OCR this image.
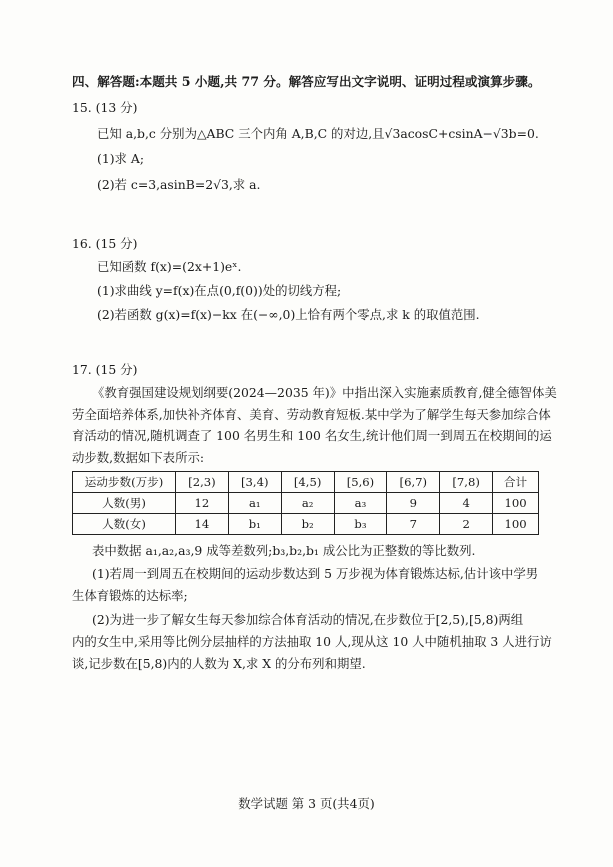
四、解答题:本题共 5 小题,共 77 分。解答应写出文字说明、证明过程或演算步骤。
15. (13 分)
已知 a,b,c 分别为△ABC 三个内角 A,B,C 的对边,且√3acosC+csinA−√3b=0.
(1)求 A;
(2)若 c=3,asinB=2√3,求 a.
16. (15 分)
已知函数 f(x)=(2x+1)eˣ.
(1)求曲线 y=f(x)在点(0,f(0))处的切线方程;
(2)若函数 g(x)=f(x)−kx 在(−∞,0)上恰有两个零点,求 k 的取值范围.
17. (15 分)
《教育强国建设规划纲要(2024—2035 年)》中指出深入实施素质教育,健全德智体美
劳全面培养体系,加快补齐体育、美育、劳动教育短板.某中学为了解学生每天参加综合体
育活动的情况,随机调查了 100 名男生和 100 名女生,统计他们周一到周五在校期间的运
动步数,数据如下表所示:
运动步数(万步)	[2,3)	[3,4)	[4,5)	[5,6)	[6,7)	[7,8)	合计
人数(男)	12	a₁	a₂	a₃	9	4	100
人数(女)	14	b₁	b₂	b₃	7	2	100
表中数据 a₁,a₂,a₃,9 成等差数列;b₃,b₂,b₁ 成公比为正整数的等比数列.
(1)若周一到周五在校期间的运动步数达到 5 万步视为体育锻炼达标,估计该中学男
生体育锻炼的达标率;
(2)为进一步了解女生每天参加综合体育活动的情况,在步数位于[2,5),[5,8)两组
内的女生中,采用等比例分层抽样的方法抽取 10 人,现从这 10 人中随机抽取 3 人进行访
谈,记步数在[5,8)内的人数为 X,求 X 的分布列和期望.
数学试题 第 3 页(共4页)
